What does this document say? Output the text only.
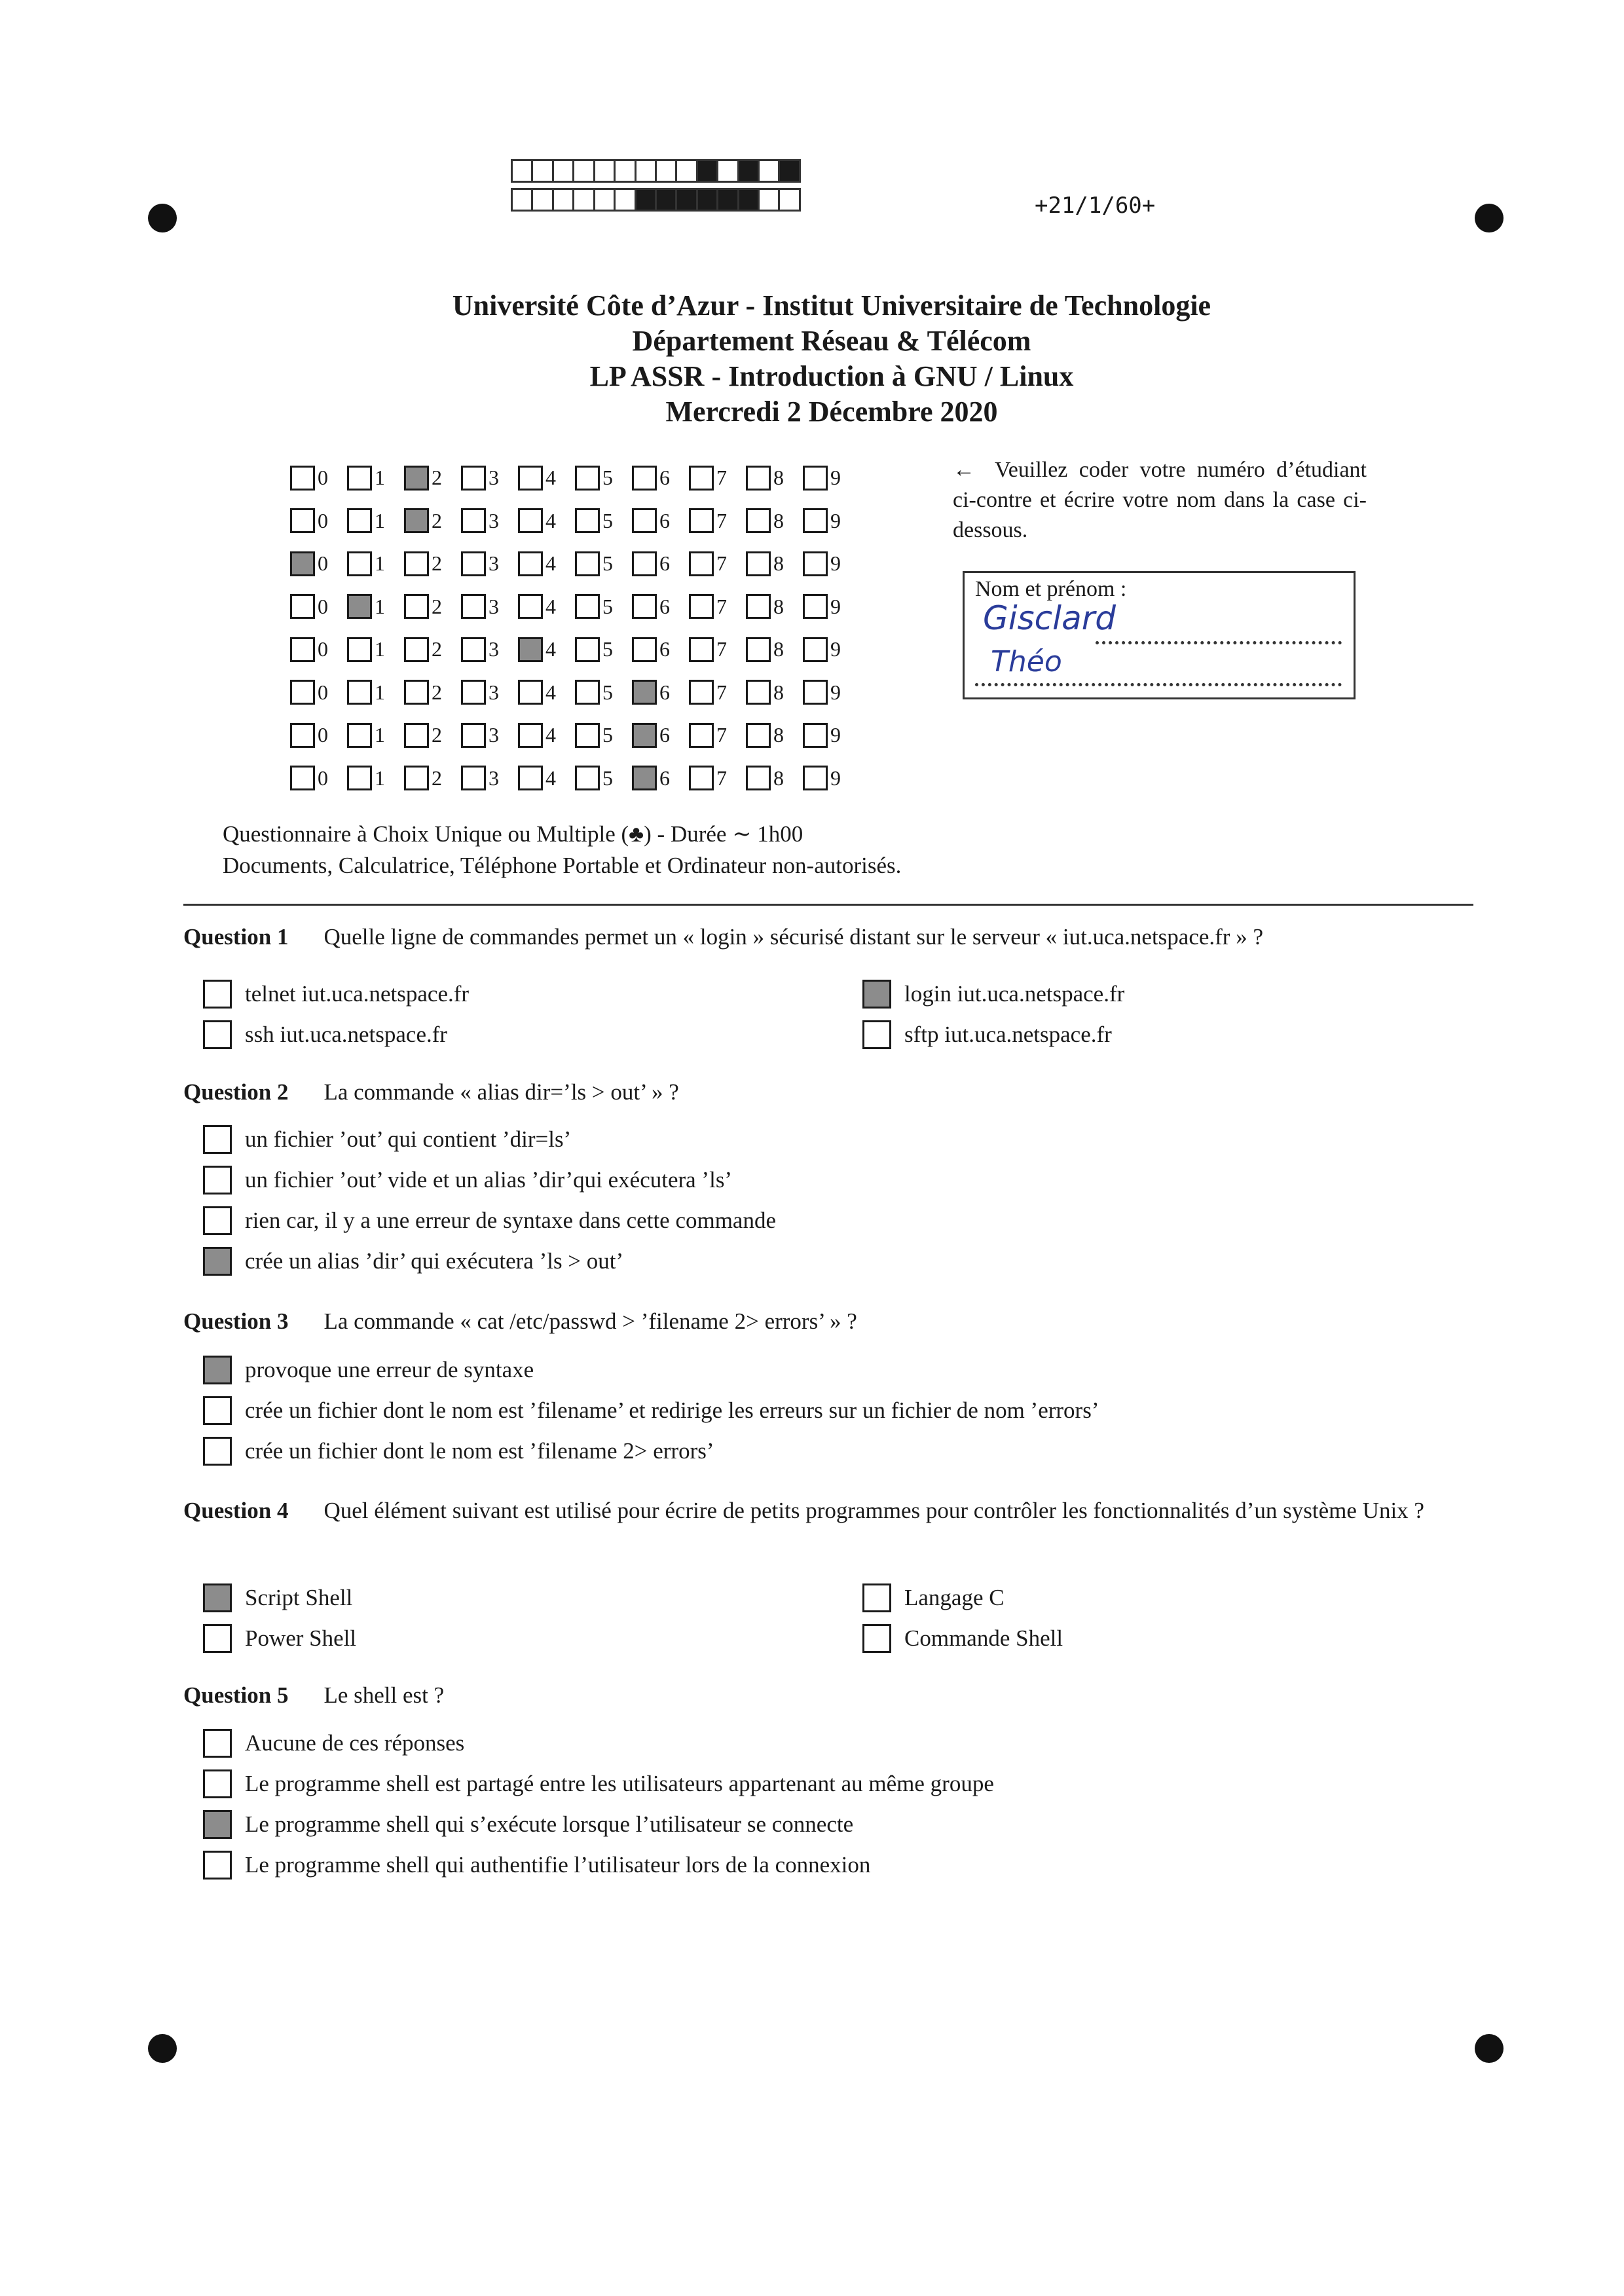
+21/1/60+
Université Côte d’Azur - Institut Universitaire de Technologie
Département Réseau & Télécom
LP ASSR - Introduction à GNU / Linux
Mercredi 2 Décembre 2020
0 1 2 3 4 5 6 7 8 9
0 1 2 3 4 5 6 7 8 9
0 1 2 3 4 5 6 7 8 9
0 1 2 3 4 5 6 7 8 9
0 1 2 3 4 5 6 7 8 9
0 1 2 3 4 5 6 7 8 9
0 1 2 3 4 5 6 7 8 9
0 1 2 3 4 5 6 7 8 9
← Veuillez coder votre numéro d’étudiant ci-contre et écrire votre nom dans la case ci-dessous.
Nom et prénom :
Gisclard
Théo
Questionnaire à Choix Unique ou Multiple (♣) - Durée ∼ 1h00
Documents, Calculatrice, Téléphone Portable et Ordinateur non-autorisés.
Question 1 Quelle ligne de commandes permet un « login » sécurisé distant sur le serveur « iut.uca.netspace.fr » ?
telnet iut.uca.netspace.fr	login iut.uca.netspace.fr
ssh iut.uca.netspace.fr	sftp iut.uca.netspace.fr
Question 2 La commande « alias dir=’ls > out’ » ?
un fichier ’out’ qui contient ’dir=ls’
un fichier ’out’ vide et un alias ’dir’qui exécutera ’ls’
rien car, il y a une erreur de syntaxe dans cette commande
crée un alias ’dir’ qui exécutera ’ls > out’
Question 3 La commande « cat /etc/passwd > ’filename 2> errors’ » ?
provoque une erreur de syntaxe
crée un fichier dont le nom est ’filename’ et redirige les erreurs sur un fichier de nom ’errors’
crée un fichier dont le nom est ’filename 2> errors’
Question 4 Quel élément suivant est utilisé pour écrire de petits programmes pour contrôler les fonctionnalités d’un système Unix ?
Script Shell	Langage C
Power Shell	Commande Shell
Question 5 Le shell est ?
Aucune de ces réponses
Le programme shell est partagé entre les utilisateurs appartenant au même groupe
Le programme shell qui s’exécute lorsque l’utilisateur se connecte
Le programme shell qui authentifie l’utilisateur lors de la connexion
